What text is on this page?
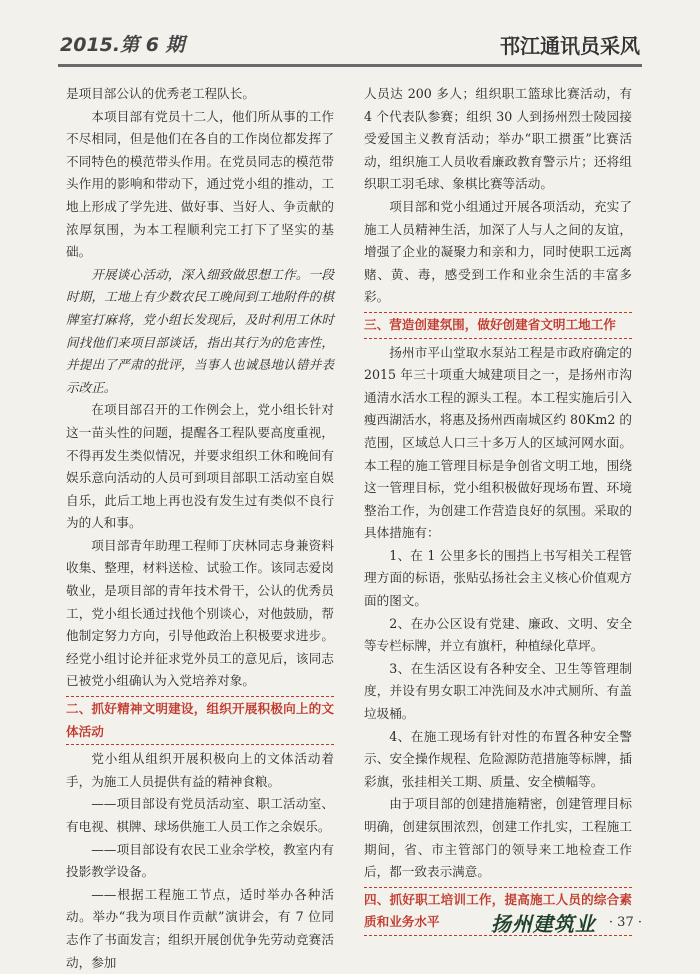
2015.第 6 期	邗江通讯员采风

是项目部公认的优秀老工程队长。

本项目部有党员十二人，他们所从事的工作不尽相同，但是他们在各自的工作岗位都发挥了不同特色的模范带头作用。在党员同志的模范带头作用的影响和带动下，通过党小组的推动，工地上形成了学先进、做好事、当好人、争贡献的浓厚氛围，为本工程顺利完工打下了坚实的基础。

开展谈心活动，深入细致做思想工作。一段时期，工地上有少数农民工晚间到工地附件的棋牌室打麻将，党小组长发现后，及时利用工休时间找他们来项目部谈话，指出其行为的危害性，并提出了严肃的批评，当事人也诚恳地认错并表示改正。

在项目部召开的工作例会上，党小组长针对这一苗头性的问题，提醒各工程队要高度重视，不得再发生类似情况，并要求组织工休和晚间有娱乐意向活动的人员可到项目部职工活动室自娱自乐，此后工地上再也没有发生过有类似不良行为的人和事。

项目部青年助理工程师丁庆林同志身兼资料收集、整理，材料送检、试验工作。该同志爱岗敬业，是项目部的青年技术骨干，公认的优秀员工，党小组长通过找他个别谈心，对他鼓励，帮他制定努力方向，引导他政治上积极要求进步。经党小组讨论并征求党外员工的意见后，该同志已被党小组确认为入党培养对象。

二、抓好精神文明建设，组织开展积极向上的文体活动

党小组从组织开展积极向上的文体活动着手，为施工人员提供有益的精神食粮。

——项目部设有党员活动室、职工活动室、有电视、棋牌、球场供施工人员工作之余娱乐。

——项目部设有农民工业余学校，教室内有投影教学设备。

——根据工程施工节点，适时举办各种活动。举办“我为项目作贡献”演讲会，有 7 位同志作了书面发言；组织开展创优争先劳动竞赛活动，参加

人员达 200 多人；组织职工篮球比赛活动，有 4 个代表队参赛；组织 30 人到扬州烈士陵园接受爱国主义教育活动；举办“职工掼蛋”比赛活动，组织施工人员收看廉政教育警示片；还将组织职工羽毛球、象棋比赛等活动。

项目部和党小组通过开展各项活动，充实了施工人员精神生活，加深了人与人之间的友谊，增强了企业的凝聚力和亲和力，同时使职工远离赌、黄、毒，感受到工作和业余生活的丰富多彩。

三、营造创建氛围，做好创建省文明工地工作

扬州市平山堂取水泵站工程是市政府确定的 2015 年三十项重大城建项目之一，是扬州市沟通清水活水工程的源头工程。本工程实施后引入瘦西湖活水，将惠及扬州西南城区约 80Km2 的范围，区域总人口三十多万人的区域河网水面。本工程的施工管理目标是争创省文明工地，围绕这一管理目标，党小组积极做好现场布置、环境整治工作，为创建工作营造良好的氛围。采取的具体措施有：

1、在 1 公里多长的围挡上书写相关工程管理方面的标语，张贴弘扬社会主义核心价值观方面的图文。

2、在办公区设有党建、廉政、文明、安全等专栏标牌，并立有旗杆，种植绿化草坪。

3、在生活区设有各种安全、卫生等管理制度，并设有男女职工冲洗间及水冲式厕所、有盖垃圾桶。

4、在施工现场有针对性的布置各种安全警示、安全操作规程、危险源防范措施等标牌，插彩旗，张挂相关工期、质量、安全横幅等。

由于项目部的创建措施精密，创建管理目标明确，创建氛围浓烈，创建工作扎实，工程施工期间，省、市主管部门的领导来工地检查工作后，都一致表示满意。

四、抓好职工培训工作，提高施工人员的综合素质和业务水平	扬州建筑业 · 37 ·
